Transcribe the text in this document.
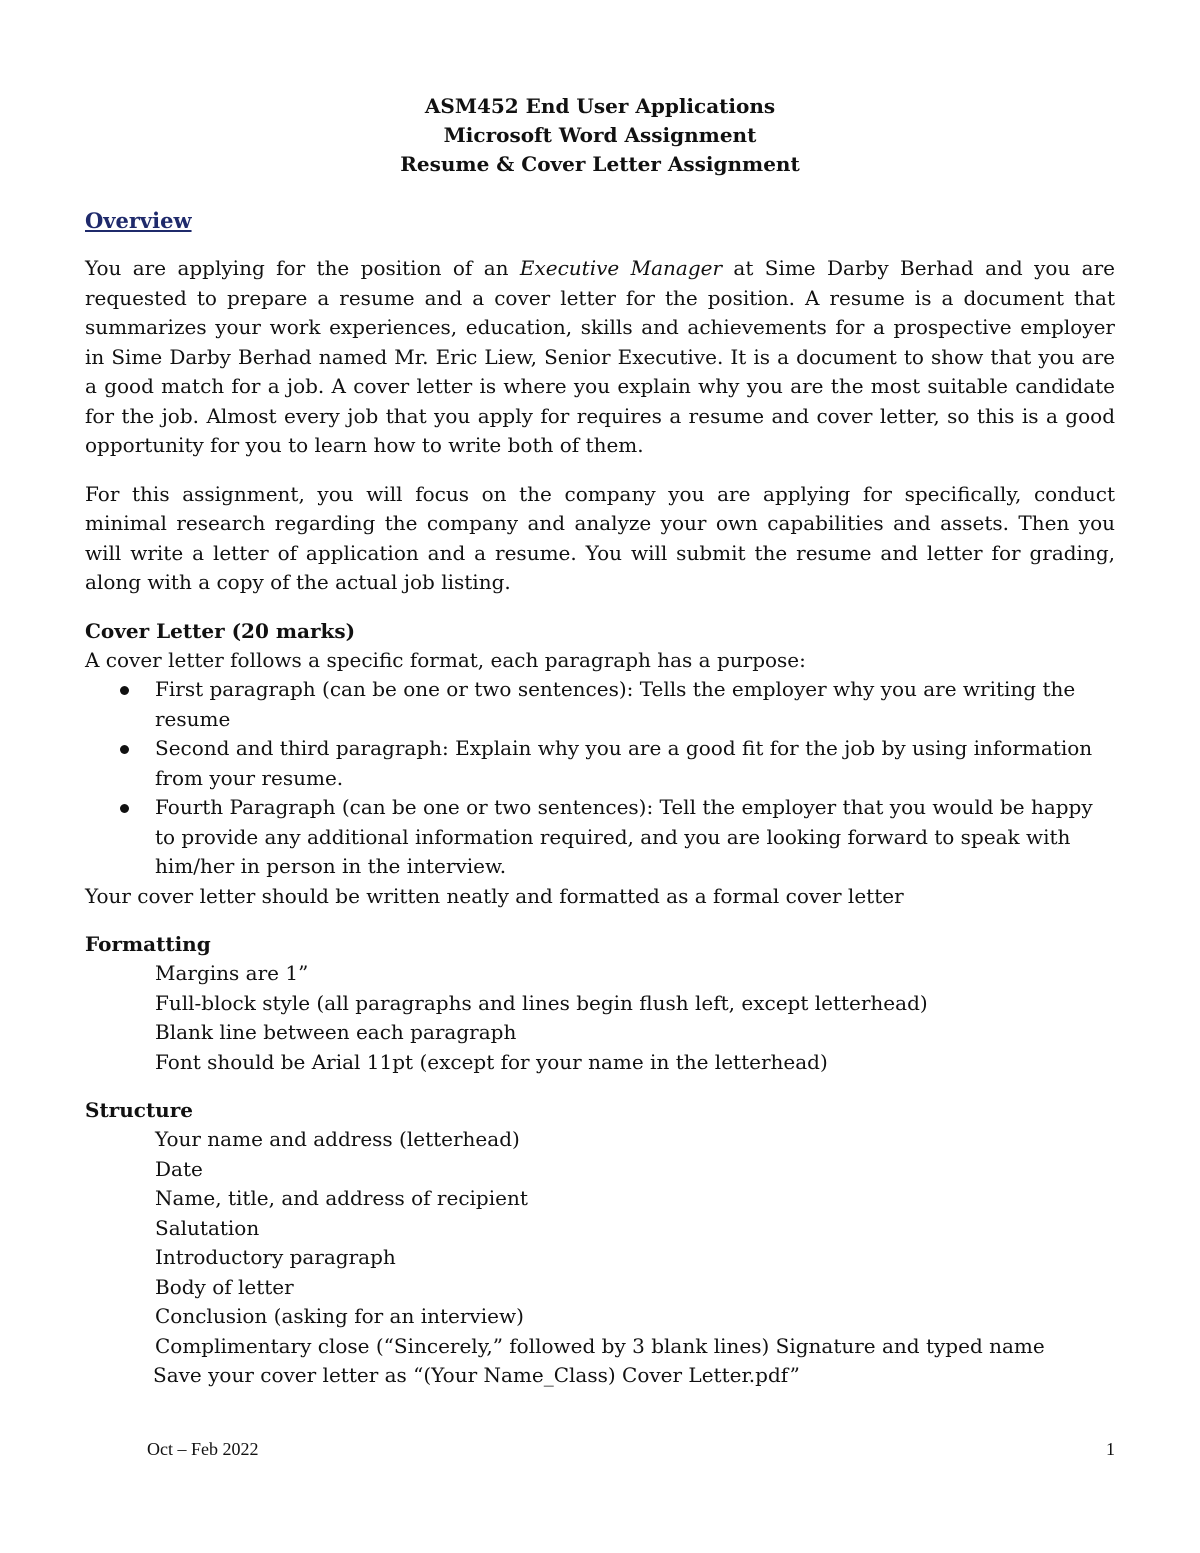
ASM452 End User Applications
Microsoft Word Assignment
Resume & Cover Letter Assignment
Overview

You are applying for the position of an Executive Manager at Sime Darby Berhad and you are requested to prepare a resume and a cover letter for the position. A resume is a document that summarizes your work experiences, education, skills and achievements for a prospective employer in Sime Darby Berhad named Mr. Eric Liew, Senior Executive. It is a document to show that you are a good match for a job. A cover letter is where you explain why you are the most suitable candidate for the job. Almost every job that you apply for requires a resume and cover letter, so this is a good opportunity for you to learn how to write both of them.

For this assignment, you will focus on the company you are applying for specifically, conduct minimal research regarding the company and analyze your own capabilities and assets. Then you will write a letter of application and a resume. You will submit the resume and letter for grading, along with a copy of the actual job listing.

Cover Letter (20 marks)

A cover letter follows a specific format, each paragraph has a purpose:

First paragraph (can be one or two sentences): Tells the employer why you are writing the resume
Second and third paragraph: Explain why you are a good fit for the job by using information from your resume.
Fourth Paragraph (can be one or two sentences): Tell the employer that you would be happy to provide any additional information required, and you are looking forward to speak with him/her in person in the interview.

Your cover letter should be written neatly and formatted as a formal cover letter

Formatting
Margins are 1”
Full-block style (all paragraphs and lines begin flush left, except letterhead)
Blank line between each paragraph
Font should be Arial 11pt (except for your name in the letterhead)
Structure
Your name and address (letterhead)
Date
Name, title, and address of recipient
Salutation
Introductory paragraph
Body of letter
Conclusion (asking for an interview)
Complimentary close (“Sincerely,” followed by 3 blank lines) Signature and typed name
Save your cover letter as “(Your Name_Class) Cover Letter.pdf”
Oct – Feb 2022	1
